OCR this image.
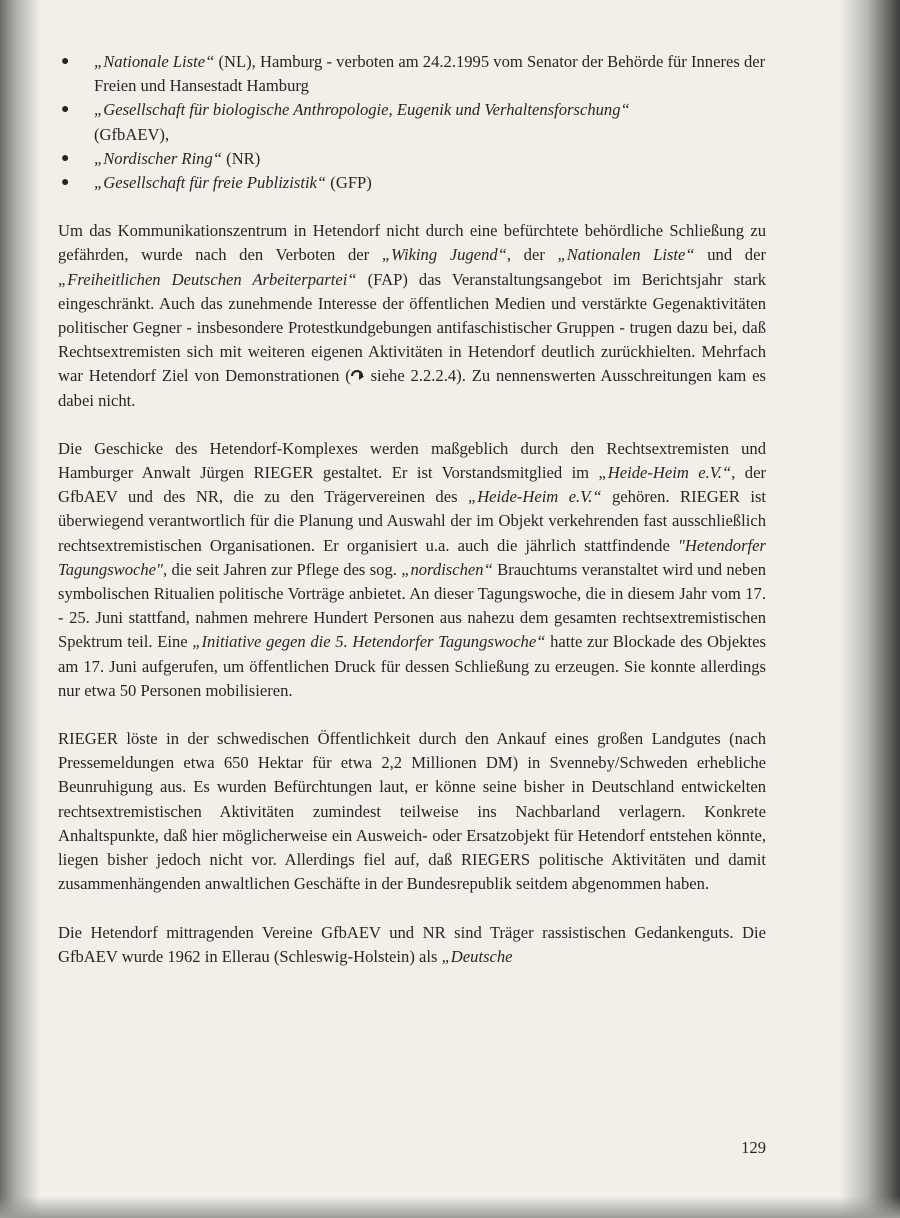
● „Nationale Liste“ (NL), Hamburg - verboten am 24.2.1995 vom Senator der Behörde für Inneres der Freien und Hansestadt Hamburg
● „Gesellschaft für biologische Anthropologie, Eugenik und Verhaltensforschung“
(GfbAEV),
● „Nordischer Ring“ (NR)
● „Gesellschaft für freie Publizistik“ (GFP)

Um das Kommunikationszentrum in Hetendorf nicht durch eine befürchtete behördliche Schließung zu gefährden, wurde nach den Verboten der „Wiking Jugend“, der „Nationalen Liste“ und der „Freiheitlichen Deutschen Arbeiterpartei“ (FAP) das Veranstaltungsangebot im Berichtsjahr stark eingeschränkt. Auch das zunehmende Interesse der öffentlichen Medien und verstärkte Gegenaktivitäten politischer Gegner - insbesondere Protestkundgebungen antifaschistischer Gruppen - trugen dazu bei, daß Rechtsextremisten sich mit weiteren eigenen Aktivitäten in Hetendorf deutlich zurückhielten. Mehrfach war Hetendorf Ziel von Demonstrationen ( siehe 2.2.2.4). Zu nennenswerten Ausschreitungen kam es dabei nicht.

Die Geschicke des Hetendorf-Komplexes werden maßgeblich durch den Rechtsextremisten und Hamburger Anwalt Jürgen RIEGER gestaltet. Er ist Vorstandsmitglied im „Heide-Heim e.V.“, der GfbAEV und des NR, die zu den Trägervereinen des „Heide-Heim e.V.“ gehören. RIEGER ist überwiegend verantwortlich für die Planung und Auswahl der im Objekt verkehrenden fast ausschließlich rechtsextremistischen Organisationen. Er organisiert u.a. auch die jährlich stattfindende "Hetendorfer Tagungswoche", die seit Jahren zur Pflege des sog. „nordischen“ Brauchtums veranstaltet wird und neben symbolischen Ritualien politische Vorträge anbietet. An dieser Tagungswoche, die in diesem Jahr vom 17. - 25. Juni stattfand, nahmen mehrere Hundert Personen aus nahezu dem gesamten rechtsextremistischen Spektrum teil. Eine „Initiative gegen die 5. Hetendorfer Tagungswoche“ hatte zur Blockade des Objektes am 17. Juni aufgerufen, um öffentlichen Druck für dessen Schließung zu erzeugen. Sie konnte allerdings nur etwa 50 Personen mobilisieren.

RIEGER löste in der schwedischen Öffentlichkeit durch den Ankauf eines großen Landgutes (nach Pressemeldungen etwa 650 Hektar für etwa 2,2 Millionen DM) in Svenneby/Schweden erhebliche Beunruhigung aus. Es wurden Befürchtungen laut, er könne seine bisher in Deutschland entwickelten rechtsextremistischen Aktivitäten zumindest teilweise ins Nachbarland verlagern. Konkrete Anhaltspunkte, daß hier möglicherweise ein Ausweich- oder Ersatzobjekt für Hetendorf entstehen könnte, liegen bisher jedoch nicht vor. Allerdings fiel auf, daß RIEGERS politische Aktivitäten und damit zusammenhängenden anwaltlichen Geschäfte in der Bundesrepublik seitdem abgenommen haben.

Die Hetendorf mittragenden Vereine GfbAEV und NR sind Träger rassistischen Gedankenguts. Die GfbAEV wurde 1962 in Ellerau (Schleswig-Holstein) als „Deutsche

129
